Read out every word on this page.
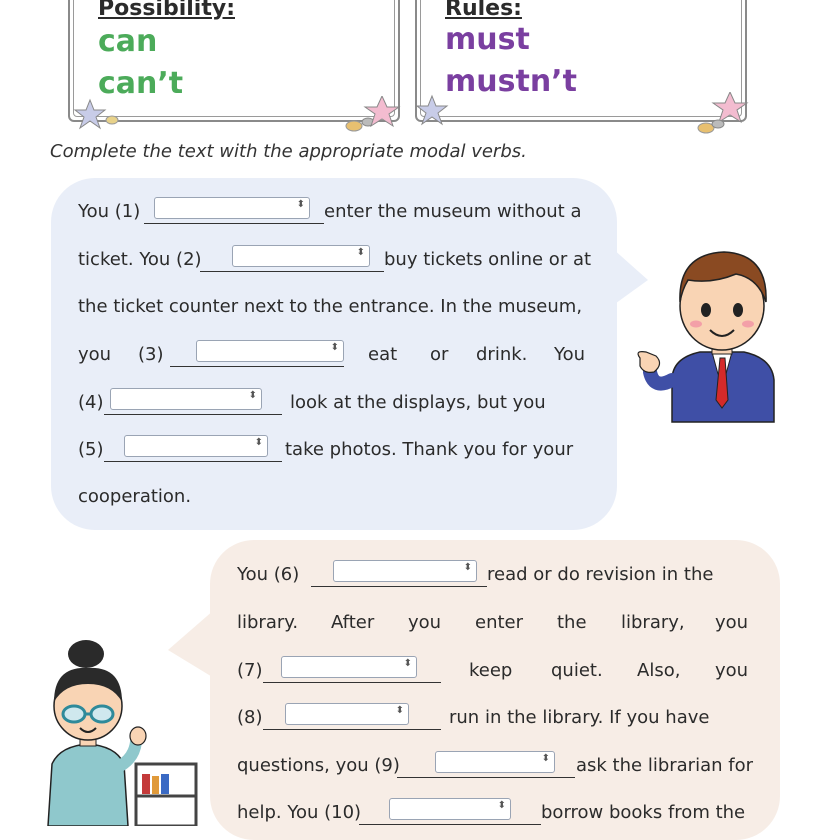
Possibility:
can
can’t
Rules:
must
mustn’t
Complete the text with the appropriate modal verbs.
You (1)	⬍ enter the museum without a
ticket. You (2)	⬍ buy tickets online or at
the ticket counter next to the entrance. In the museum,
you (3)	⬍ eat or drink. You
(4)	⬍ look at the displays, but you
(5)	⬍ take photos. Thank you for your
cooperation.
You (6)	⬍ read or do revision in the
library. After you enter the library, you
(7)	⬍	keep quiet. Also, you
(8)	⬍	run in the library. If you have
questions, you (9)	⬍ ask the librarian for
help. You (10)	⬍ borrow books from the
